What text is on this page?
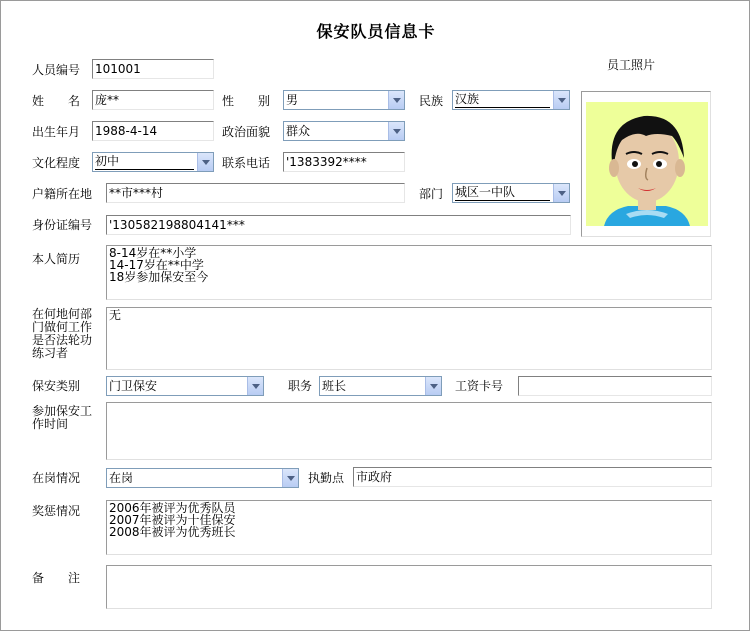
保安队员信息卡
员工照片
人员编号 101001
姓　　名 庞**	性　　别 男	民族 汉族
出生年月 1988-4-14	政治面貌 群众
文化程度 初中	联系电话 '1383392****
户籍所在地 **市***村	部门 城区一中队
身份证编号 '130582198804141***
本人简历 8-14岁在**小学
14-17岁在**中学
18岁参加保安至今
在何地何部门做何工作是否法轮功练习者
无
保安类别 门卫保安	职务 班长	工资卡号
参加保安工作时间
在岗情况 在岗	执勤点 市政府
奖惩情况 2006年被评为优秀队员
2007年被评为十佳保安
2008年被评为优秀班长
备　　注
